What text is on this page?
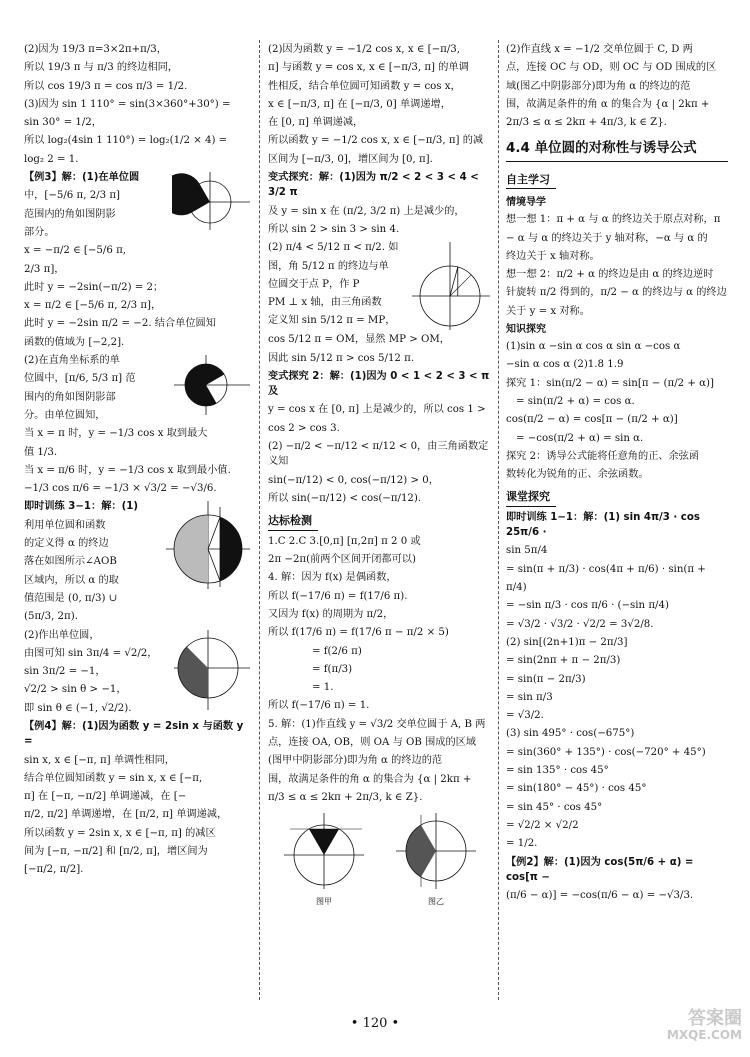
(2)因为 19/3 π=3×2π+π/3，

所以 19/3 π 与 π/3 的终边相同，

所以 cos 19/3 π = cos π/3 = 1/2.

(3)因为 sin 1 110° = sin(3×360°+30°) =

sin 30° = 1/2，

所以 log₂(4sin 1 110°) = log₂(1/2 × 4) =

log₂ 2 = 1.

【例3】解：(1)在单位圆

中，[−5/6 π, 2/3 π]

范围内的角如图阴影

部分。

x = −π/2 ∈ [−5/6 π,

2/3 π]，

此时 y = −2sin(−π/2) = 2；

x = π/2 ∈ [−5/6 π, 2/3 π]，

此时 y = −2sin π/2 = −2. 结合单位圆知

函数的值域为 [−2,2].

(2)在直角坐标系的单

位圆中，[π/6, 5/3 π] 范

围内的角如图阴影部

分。由单位圆知，

当 x = π 时，y = −1/3 cos x 取到最大

值 1/3.

当 x = π/6 时，y = −1/3 cos x 取到最小值.

−1/3 cos π/6 = −1/3 × √3/2 = −√3/6.

即时训练 3−1：解：(1)

利用单位圆和函数

的定义得 α 的终边

落在如图所示∠AOB

区域内，所以 α 的取

值范围是 (0, π/3) ∪

(5π/3, 2π).

(2)作出单位圆，

由图可知 sin 3π/4 = √2/2，

sin 3π/2 = −1，

√2/2 > sin θ > −1，

即 sin θ ∈ (−1, √2/2).

【例4】解：(1)因为函数 y = 2sin x 与函数 y =

sin x, x ∈ [−π, π] 单调性相同，

结合单位圆知函数 y = sin x, x ∈ [−π,

π] 在 [−π, −π/2] 单调递减，在 [−

π/2, π/2] 单调递增，在 [π/2, π] 单调递减，

所以函数 y = 2sin x, x ∈ [−π, π] 的减区

间为 [−π, −π/2] 和 [π/2, π]，增区间为

[−π/2, π/2].

(2)因为函数 y = −1/2 cos x, x ∈ [−π/3,

π] 与函数 y = cos x, x ∈ [−π/3, π] 的单调

性相反，结合单位圆可知函数 y = cos x，

x ∈ [−π/3, π] 在 [−π/3, 0] 单调递增，

在 [0, π] 单调递减，

所以函数 y = −1/2 cos x, x ∈ [−π/3, π] 的减

区间为 [−π/3, 0]，增区间为 [0, π].

变式探究：解：(1)因为 π/2 < 2 < 3 < 4 < 3/2 π

及 y = sin x 在 (π/2, 3/2 π) 上是减少的，

所以 sin 2 > sin 3 > sin 4.

(2) π/4 < 5/12 π < π/2. 如

图，角 5/12 π 的终边与单

位圆交于点 P，作 P

PM ⊥ x 轴，由三角函数

定义知 sin 5/12 π = MP，

cos 5/12 π = OM，显然 MP > OM，

因此 sin 5/12 π > cos 5/12 π.

变式探究 2：解：(1)因为 0 < 1 < 2 < 3 < π 及

y = cos x 在 [0, π] 上是减少的，所以 cos 1 >

cos 2 > cos 3.

(2) −π/2 < −π/12 < π/12 < 0，由三角函数定义知

sin(−π/12) < 0, cos(−π/12) > 0，

所以 sin(−π/12) < cos(−π/12).

达标检测

1.C 2.C 3.[0,π] [π,2π] π 2 0 或

2π −2π(前两个区间开闭都可以)

4. 解：因为 f(x) 是偶函数，

所以 f(−17/6 π) = f(17/6 π).

又因为 f(x) 的周期为 π/2，

所以 f(17/6 π) = f(17/6 π − π/2 × 5)

= f(2/6 π)

= f(π/3)

= 1.

所以 f(−17/6 π) = 1.

5. 解：(1)作直线 y = √3/2 交单位圆于 A, B 两

点，连接 OA, OB，则 OA 与 OB 围成的区域

(图甲中阴影部分)即为角 α 的终边的范

围，故满足条件的角 α 的集合为 {α | 2kπ +

π/3 ≤ α ≤ 2kπ + 2π/3, k ∈ Z}.

图甲	图乙

(2)作直线 x = −1/2 交单位圆于 C, D 两

点，连接 OC 与 OD，则 OC 与 OD 围成的区

域(图乙中阴影部分)即为角 α 的终边的范

围，故满足条件的角 α 的集合为 {α | 2kπ +

2π/3 ≤ α ≤ 2kπ + 4π/3, k ∈ Z}.

4.4 单位圆的对称性与诱导公式
自主学习

情境导学

想一想 1：π + α 与 α 的终边关于原点对称，π

− α 与 α 的终边关于 y 轴对称，−α 与 α 的

终边关于 x 轴对称。

想一想 2：π/2 + α 的终边是由 α 的终边逆时

针旋转 π/2 得到的，π/2 − α 的终边与 α 的终边

关于 y = x 对称。

知识探究

(1)sin α −sin α cos α sin α −cos α

−sin α cos α (2)1.8 1.9

探究 1：sin(π/2 − α) = sin[π − (π/2 + α)]

= sin(π/2 + α) = cos α.

cos(π/2 − α) = cos[π − (π/2 + α)]

= −cos(π/2 + α) = sin α.

探究 2：诱导公式能将任意角的正、余弦函

数转化为锐角的正、余弦函数。

课堂探究

即时训练 1−1：解：(1) sin 4π/3 · cos 25π/6 ·

sin 5π/4

= sin(π + π/3) · cos(4π + π/6) · sin(π +

π/4)

= −sin π/3 · cos π/6 · (−sin π/4)

= √3/2 · √3/2 · √2/2 = 3√2/8.

(2) sin[(2n+1)π − 2π/3]

= sin(2nπ + π − 2π/3)

= sin(π − 2π/3)

= sin π/3

= √3/2.

(3) sin 495° · cos(−675°)

= sin(360° + 135°) · cos(−720° + 45°)

= sin 135° · cos 45°

= sin(180° − 45°) · cos 45°

= sin 45° · cos 45°

= √2/2 × √2/2

= 1/2.

【例2】解：(1)因为 cos(5π/6 + α) = cos[π −

(π/6 − α)] = −cos(π/6 − α) = −√3/3.

• 120 •	答案圈
MXQE.COM
